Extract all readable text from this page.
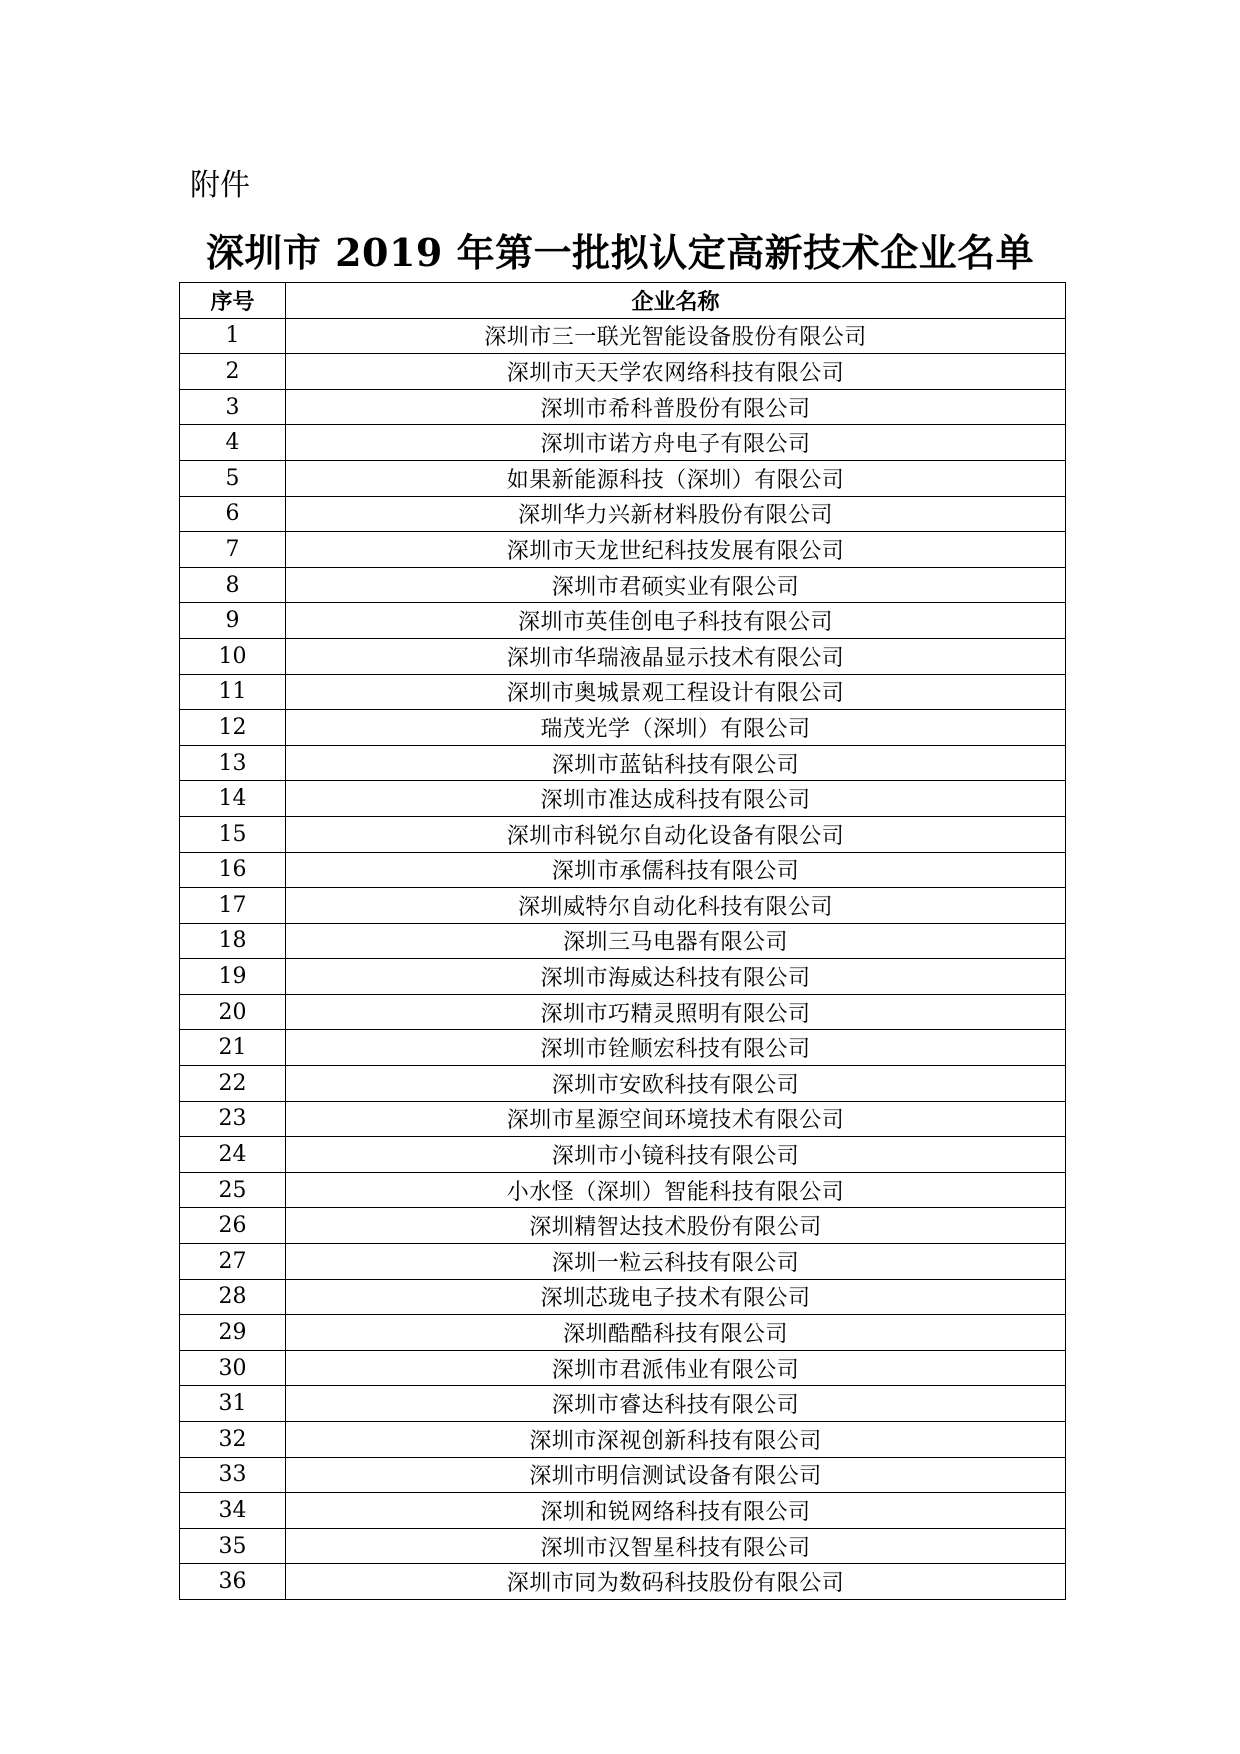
附件
深圳市 2019 年第一批拟认定高新技术企业名单
序号	企业名称
1	深圳市三一联光智能设备股份有限公司
2	深圳市天天学农网络科技有限公司
3	深圳市希科普股份有限公司
4	深圳市诺方舟电子有限公司
5	如果新能源科技（深圳）有限公司
6	深圳华力兴新材料股份有限公司
7	深圳市天龙世纪科技发展有限公司
8	深圳市君硕实业有限公司
9	深圳市英佳创电子科技有限公司
10	深圳市华瑞液晶显示技术有限公司
11	深圳市奥城景观工程设计有限公司
12	瑞茂光学（深圳）有限公司
13	深圳市蓝钻科技有限公司
14	深圳市准达成科技有限公司
15	深圳市科锐尔自动化设备有限公司
16	深圳市承儒科技有限公司
17	深圳威特尔自动化科技有限公司
18	深圳三马电器有限公司
19	深圳市海威达科技有限公司
20	深圳市巧精灵照明有限公司
21	深圳市铨顺宏科技有限公司
22	深圳市安欧科技有限公司
23	深圳市星源空间环境技术有限公司
24	深圳市小镜科技有限公司
25	小水怪（深圳）智能科技有限公司
26	深圳精智达技术股份有限公司
27	深圳一粒云科技有限公司
28	深圳芯珑电子技术有限公司
29	深圳酷酷科技有限公司
30	深圳市君派伟业有限公司
31	深圳市睿达科技有限公司
32	深圳市深视创新科技有限公司
33	深圳市明信测试设备有限公司
34	深圳和锐网络科技有限公司
35	深圳市汉智星科技有限公司
36	深圳市同为数码科技股份有限公司
